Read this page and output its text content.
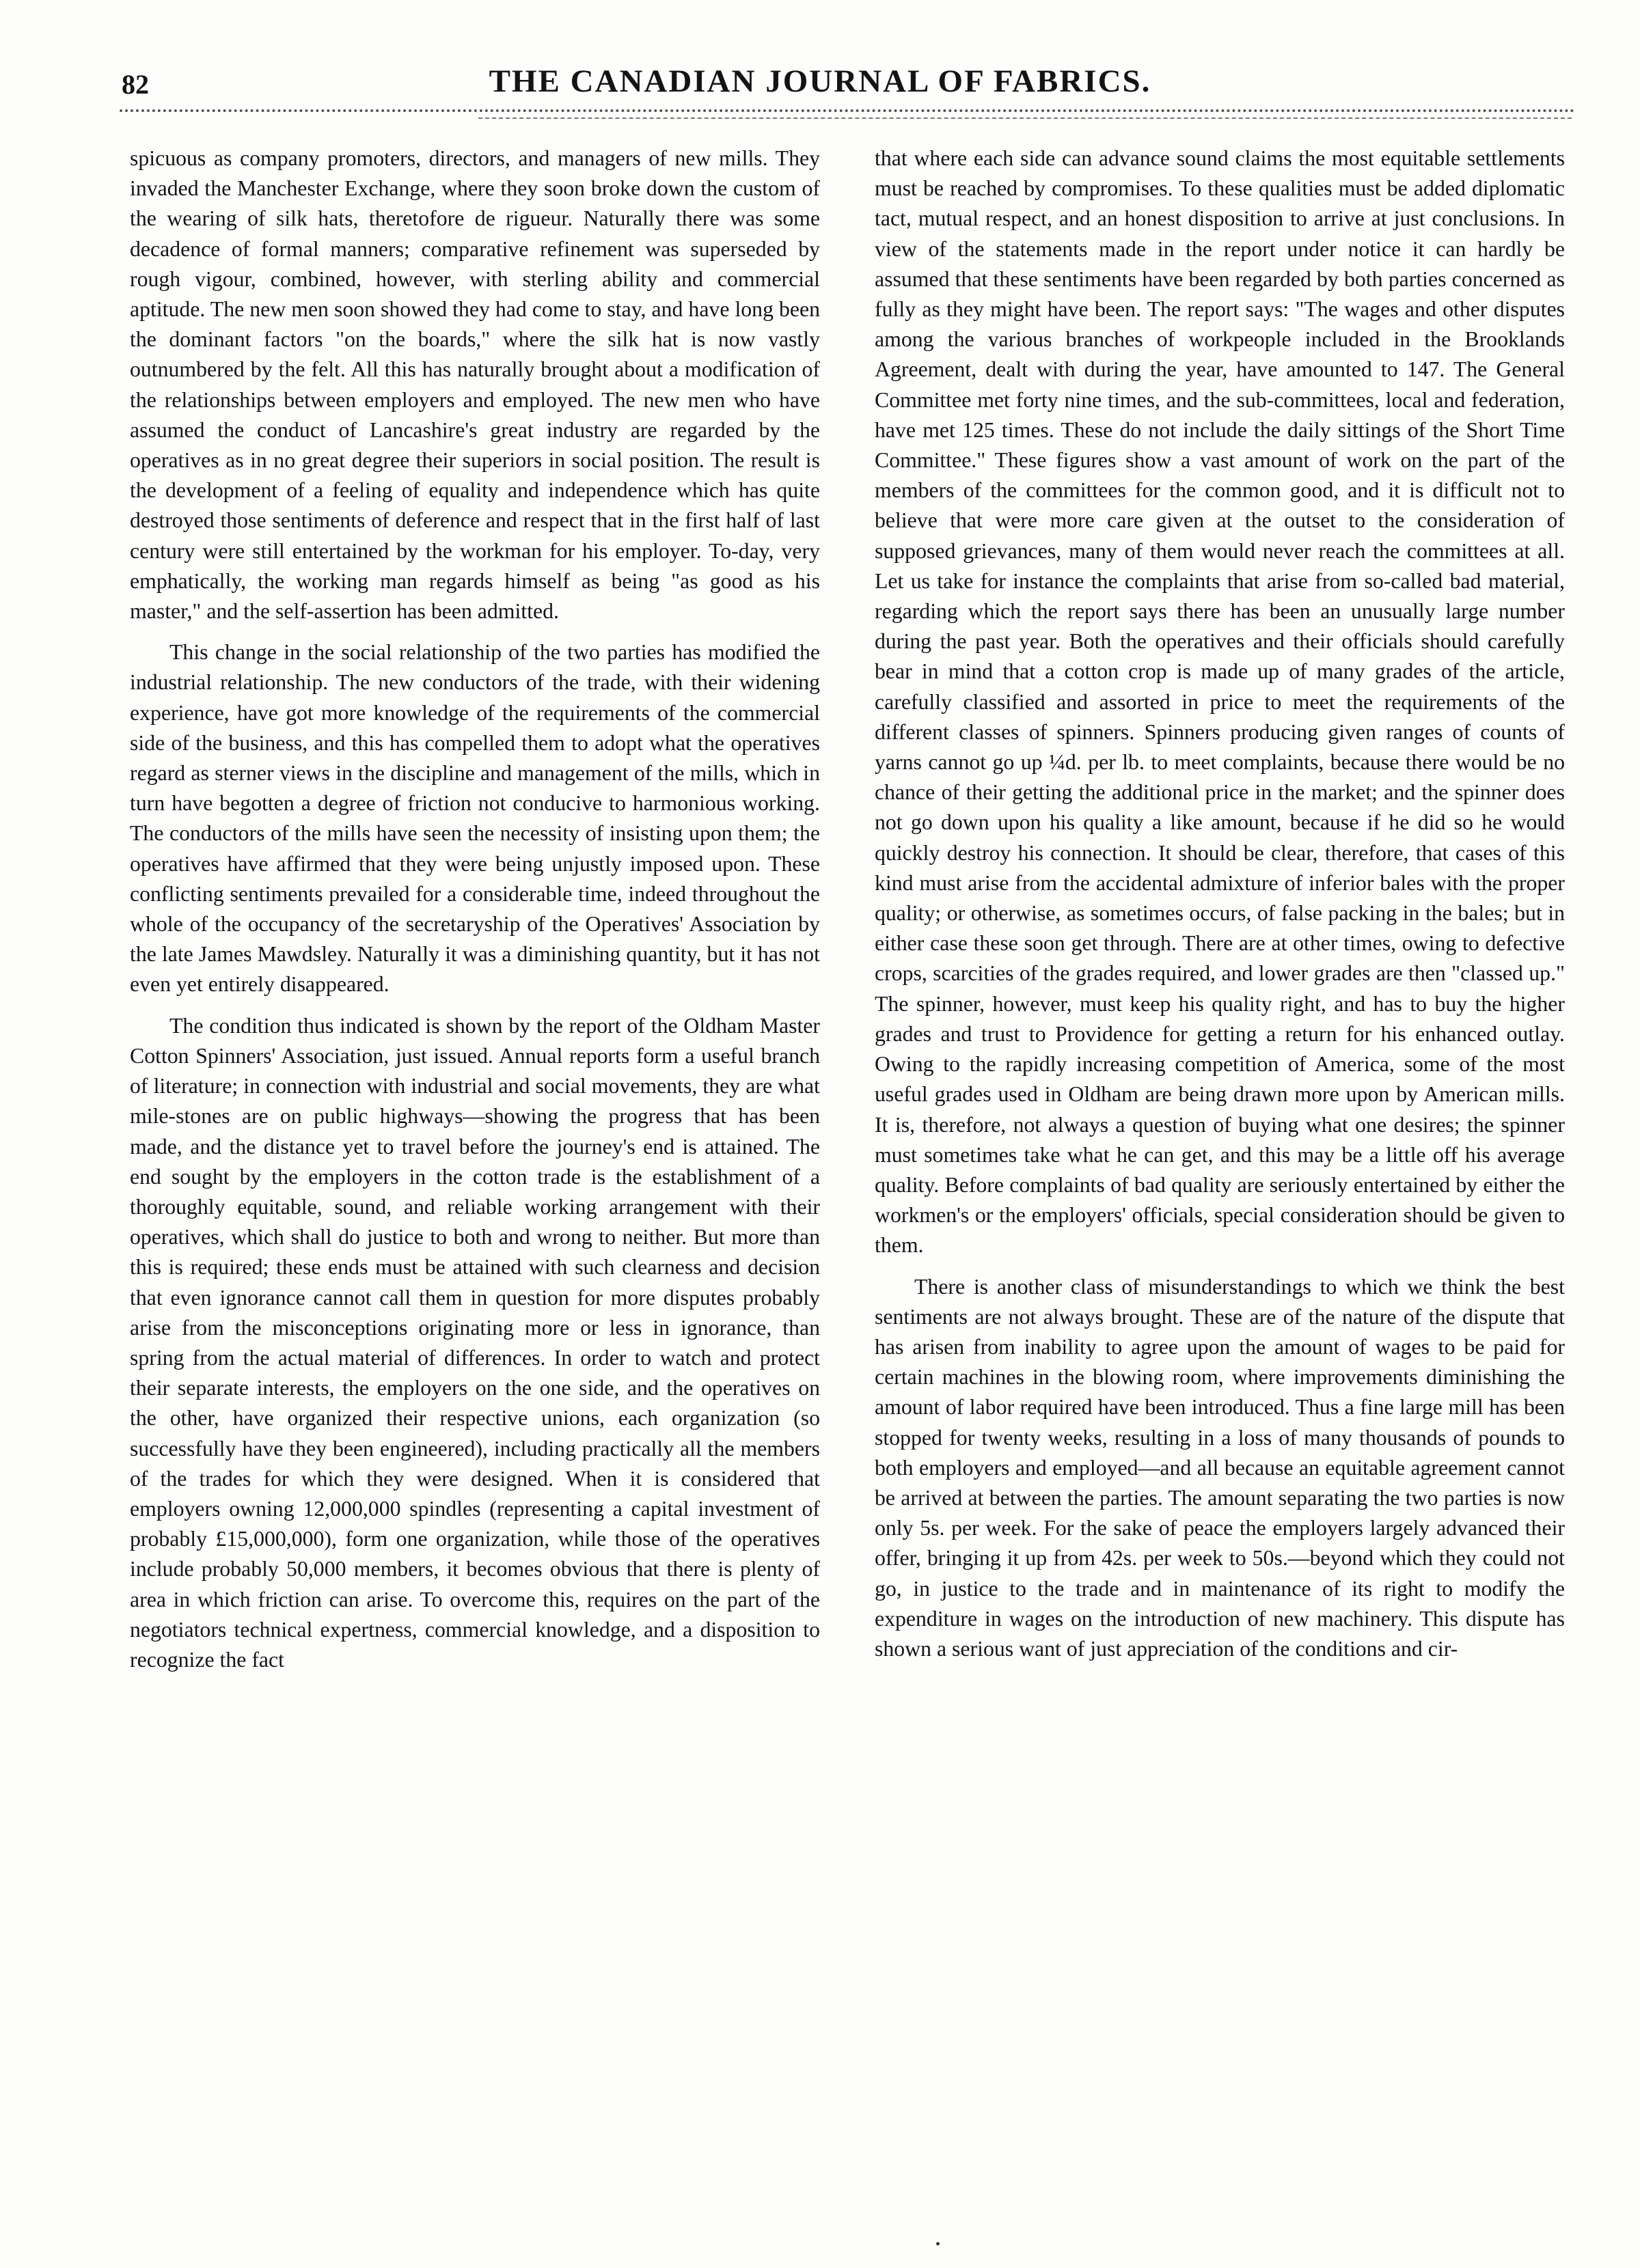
82	THE CANADIAN JOURNAL OF FABRICS.

spicuous as company promoters, directors, and managers of new mills. They invaded the Manchester Exchange, where they soon broke down the custom of the wearing of silk hats, theretofore de rigueur. Naturally there was some decadence of formal manners; comparative refinement was superseded by rough vigour, combined, however, with sterling ability and commercial aptitude. The new men soon showed they had come to stay, and have long been the dominant factors "on the boards," where the silk hat is now vastly outnumbered by the felt. All this has naturally brought about a modification of the relationships between employers and employed. The new men who have assumed the conduct of Lancashire's great industry are regarded by the operatives as in no great degree their superiors in social position. The result is the development of a feeling of equality and independence which has quite destroyed those sentiments of deference and respect that in the first half of last century were still entertained by the workman for his employer. To-day, very emphatically, the working man regards himself as being "as good as his master," and the self-assertion has been admitted.

This change in the social relationship of the two parties has modified the industrial relationship. The new conductors of the trade, with their widening experience, have got more knowledge of the requirements of the commercial side of the business, and this has compelled them to adopt what the operatives regard as sterner views in the discipline and management of the mills, which in turn have begotten a degree of friction not conducive to harmonious working. The conductors of the mills have seen the necessity of insisting upon them; the operatives have affirmed that they were being unjustly imposed upon. These conflicting sentiments prevailed for a considerable time, indeed throughout the whole of the occupancy of the secretaryship of the Operatives' Association by the late James Mawdsley. Naturally it was a diminishing quantity, but it has not even yet entirely disappeared.

The condition thus indicated is shown by the report of the Oldham Master Cotton Spinners' Association, just issued. Annual reports form a useful branch of literature; in connection with industrial and social movements, they are what mile-stones are on public highways—showing the progress that has been made, and the distance yet to travel before the journey's end is attained. The end sought by the employers in the cotton trade is the establishment of a thoroughly equitable, sound, and reliable working arrangement with their operatives, which shall do justice to both and wrong to neither. But more than this is required; these ends must be attained with such clearness and decision that even ignorance cannot call them in question for more disputes probably arise from the misconceptions originating more or less in ignorance, than spring from the actual material of differences. In order to watch and protect their separate interests, the employers on the one side, and the operatives on the other, have organized their respective unions, each organization (so successfully have they been engineered), including practically all the members of the trades for which they were designed. When it is considered that employers owning 12,000,000 spindles (representing a capital investment of probably £15,000,000), form one organization, while those of the operatives include probably 50,000 members, it becomes obvious that there is plenty of area in which friction can arise. To overcome this, requires on the part of the negotiators technical expertness, commercial knowledge, and a disposition to recognize the fact

that where each side can advance sound claims the most equitable settlements must be reached by compromises. To these qualities must be added diplomatic tact, mutual respect, and an honest disposition to arrive at just conclusions. In view of the statements made in the report under notice it can hardly be assumed that these sentiments have been regarded by both parties concerned as fully as they might have been. The report says: "The wages and other disputes among the various branches of workpeople included in the Brooklands Agreement, dealt with during the year, have amounted to 147. The General Committee met forty nine times, and the sub-committees, local and federation, have met 125 times. These do not include the daily sittings of the Short Time Committee." These figures show a vast amount of work on the part of the members of the committees for the common good, and it is difficult not to believe that were more care given at the outset to the consideration of supposed grievances, many of them would never reach the committees at all. Let us take for instance the complaints that arise from so-called bad material, regarding which the report says there has been an unusually large number during the past year. Both the operatives and their officials should carefully bear in mind that a cotton crop is made up of many grades of the article, carefully classified and assorted in price to meet the requirements of the different classes of spinners. Spinners producing given ranges of counts of yarns cannot go up ¼d. per lb. to meet complaints, because there would be no chance of their getting the additional price in the market; and the spinner does not go down upon his quality a like amount, because if he did so he would quickly destroy his connection. It should be clear, therefore, that cases of this kind must arise from the accidental admixture of inferior bales with the proper quality; or otherwise, as sometimes occurs, of false packing in the bales; but in either case these soon get through. There are at other times, owing to defective crops, scarcities of the grades required, and lower grades are then "classed up." The spinner, however, must keep his quality right, and has to buy the higher grades and trust to Providence for getting a return for his enhanced outlay. Owing to the rapidly increasing competition of America, some of the most useful grades used in Oldham are being drawn more upon by American mills. It is, therefore, not always a question of buying what one desires; the spinner must sometimes take what he can get, and this may be a little off his average quality. Before complaints of bad quality are seriously entertained by either the workmen's or the employers' officials, special consideration should be given to them.

There is another class of misunderstandings to which we think the best sentiments are not always brought. These are of the nature of the dispute that has arisen from inability to agree upon the amount of wages to be paid for certain machines in the blowing room, where improvements diminishing the amount of labor required have been introduced. Thus a fine large mill has been stopped for twenty weeks, resulting in a loss of many thousands of pounds to both employers and employed—and all because an equitable agreement cannot be arrived at between the parties. The amount separating the two parties is now only 5s. per week. For the sake of peace the employers largely advanced their offer, bringing it up from 42s. per week to 50s.—beyond which they could not go, in justice to the trade and in maintenance of its right to modify the expenditure in wages on the introduction of new machinery. This dispute has shown a serious want of just appreciation of the conditions and cir-
